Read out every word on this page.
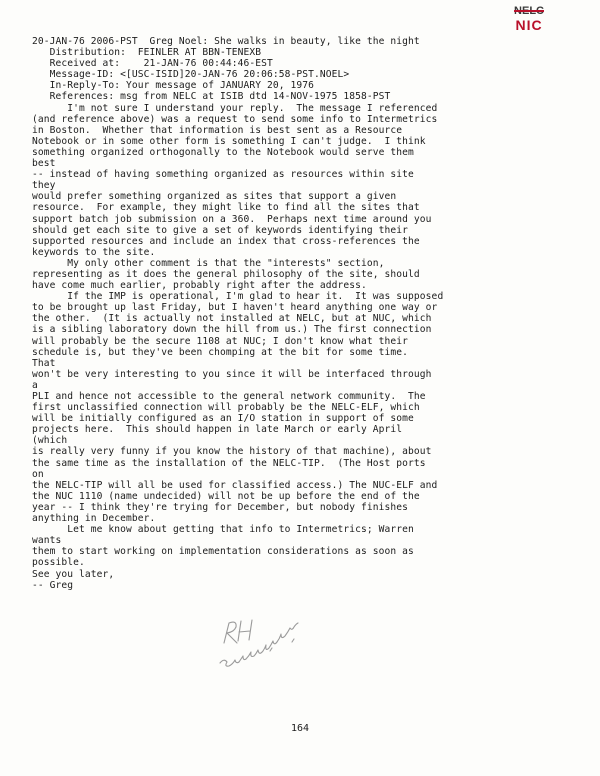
NELC
NIC
20-JAN-76 2006-PST  Greg Noel: She walks in beauty, like the night
Distribution:  FEINLER AT BBN-TENEXB
Received at:    21-JAN-76 00:44:46-EST
Message-ID: <[USC-ISID]20-JAN-76 20:06:58-PST.NOEL>
In-Reply-To: Your message of JANUARY 20, 1976
References: msg from NELC at ISIB dtd 14-NOV-1975 1858-PST
I'm not sure I understand your reply.  The message I referenced
(and reference above) was a request to send some info to Intermetrics
in Boston.  Whether that information is best sent as a Resource
Notebook or in some other form is something I can't judge.  I think
something organized orthogonally to the Notebook would serve them
best
-- instead of having something organized as resources within site
they
would prefer something organized as sites that support a given
resource.  For example, they might like to find all the sites that
support batch job submission on a 360.  Perhaps next time around you
should get each site to give a set of keywords identifying their
supported resources and include an index that cross-references the
keywords to the site.
My only other comment is that the "interests" section,
representing as it does the general philosophy of the site, should
have come much earlier, probably right after the address.
If the IMP is operational, I'm glad to hear it.  It was supposed
to be brought up last Friday, but I haven't heard anything one way or
the other.  (It is actually not installed at NELC, but at NUC, which
is a sibling laboratory down the hill from us.) The first connection
will probably be the secure 1108 at NUC; I don't know what their
schedule is, but they've been chomping at the bit for some time.
That
won't be very interesting to you since it will be interfaced through
a
PLI and hence not accessible to the general network community.  The
first unclassified connection will probably be the NELC-ELF, which
will be initially configured as an I/O station in support of some
projects here.  This should happen in late March or early April
(which
is really very funny if you know the history of that machine), about
the same time as the installation of the NELC-TIP.  (The Host ports
on
the NELC-TIP will all be used for classified access.) The NUC-ELF and
the NUC 1110 (name undecided) will not be up before the end of the
year -- I think they're trying for December, but nobody finishes
anything in December.
Let me know about getting that info to Intermetrics; Warren
wants
them to start working on implementation considerations as soon as
possible.
See you later,
-- Greg
164
